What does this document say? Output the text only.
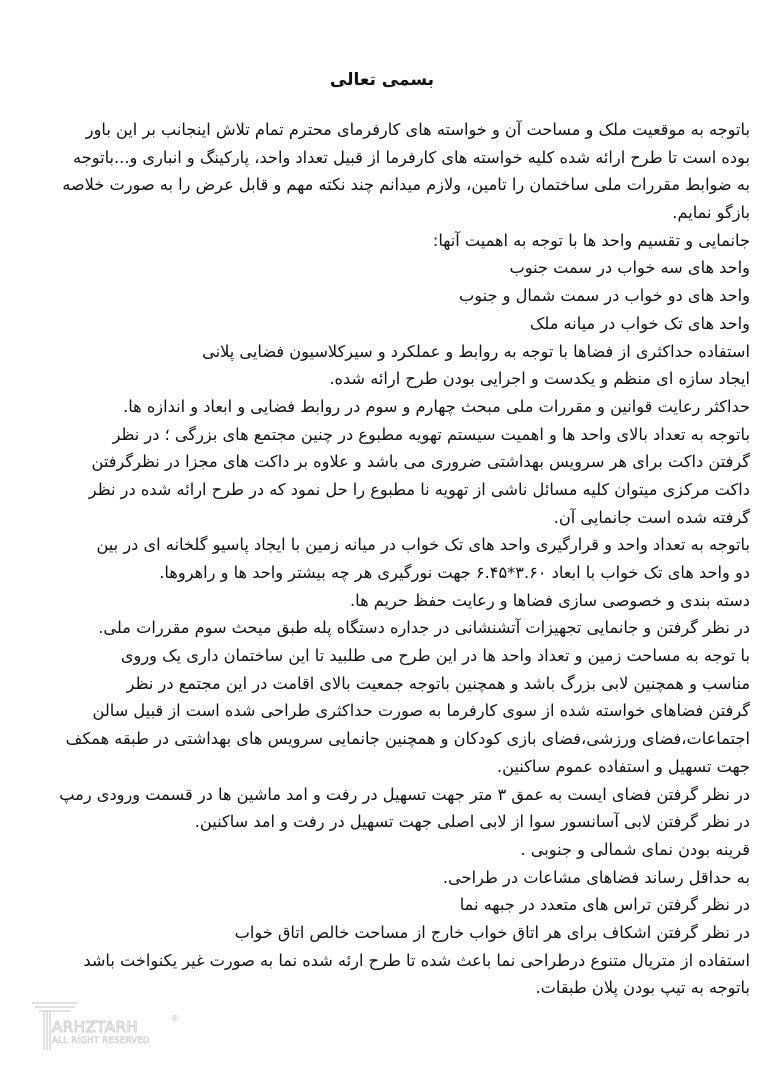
بسمی تعالی
باتوجه به موقعیت ملک و مساحت آن و خواسته های کارفرمای محترم تمام تلاش اینجانب بر این باور
بوده است تا طرح ارائه شده کلیه خواسته های کارفرما از قبیل تعداد واحد، پارکینگ و انباری و...باتوجه
به ضوابط مقررات ملی ساختمان را تامین، ولازم میدانم چند نکته مهم و قابل عرض را به صورت خلاصه
بازگو نمایم.
جانمایی و تقسیم واحد ها با توجه به اهمیت آنها:
واحد های سه خواب در سمت جنوب
واحد های دو خواب در سمت شمال و جنوب
واحد های تک خواب در میانه ملک
استفاده حداکثری از فضاها با توجه به روابط و عملکرد و سیرکلاسیون فضایی پلانی
ایجاد سازه ای منظم و یکدست و اجرایی بودن طرح ارائه شده.
حداکثر رعایت قوانین و مقررات ملی مبحث چهارم و سوم در روابط فضایی و ابعاد و اندازه ها.
باتوجه به تعداد بالای واحد ها و اهمیت سیستم تهویه مطبوع در چنین مجتمع های بزرگی ؛ در نظر
گرفتن داکت برای هر سرویس بهداشتی ضروری می باشد و علاوه بر داکت های مجزا در نظرگرفتن
داکت مرکزی میتوان کلیه مسائل ناشی از تهویه نا مطبوع را حل نمود که در طرح ارائه شده در نظر
گرفته شده است جانمایی آن.
باتوجه به تعداد واحد و قرارگیری واحد های تک خواب در میانه زمین با ایجاد پاسیو گلخانه ای در بین
دو واحد های تک خواب با ابعاد ۳.۶۰*۶.۴۵ جهت نورگیری هر چه بیشتر واحد ها و راهروها.
دسته بندی و خصوصی سازی فضاها و رعایت حفظ حریم ها.
در نظر گرفتن و جانمایی تجهیزات آتشنشانی در جداره دستگاه پله طبق میحث سوم مقررات ملی.
با توجه به مساحت زمین و تعداد واحد ها در این طرح می طلبید تا این ساختمان داری یک وروی
مناسب و همچنین لابی بزرگ باشد و همچنین باتوجه جمعیت بالای اقامت در این مجتمع در نظر
گرفتن فضاهای خواسته شده از سوی کارفرما به صورت حداکثری طراحی شده است از قبیل سالن
اجتماعات،فضای ورزشی،فضای بازی کودکان و همچنین جانمایی سرویس های بهداشتی در طبقه همکف
جهت تسهیل و استفاده عموم ساکنین.
در نظر گرفتن فضای ایست به عمق ۳ متر جهت تسهیل در رفت و امد ماشین ها در قسمت ورودی رمپ
در نظر گرفتن لابی آسانسور سوا از لابی اصلی جهت تسهیل در رفت و امد ساکنین.
قرینه بودن نمای شمالی و جنوبی .
به حداقل رساند فضاهای مشاعات در طراحی.
در نظر گرفتن تراس های متعدد در جبهه نما
در نظر گرفتن اشکاف برای هر اتاق خواب خارج از مساحت خالص اتاق خواب
استفاده از متریال متنوع درطراحی نما باعث شده تا طرح ارئه شده نما به صورت غیر یکنواخت باشد
باتوجه به تیپ بودن پلان طبقات.
ARHZTARH
ALL RIGHT RESERVED
®
